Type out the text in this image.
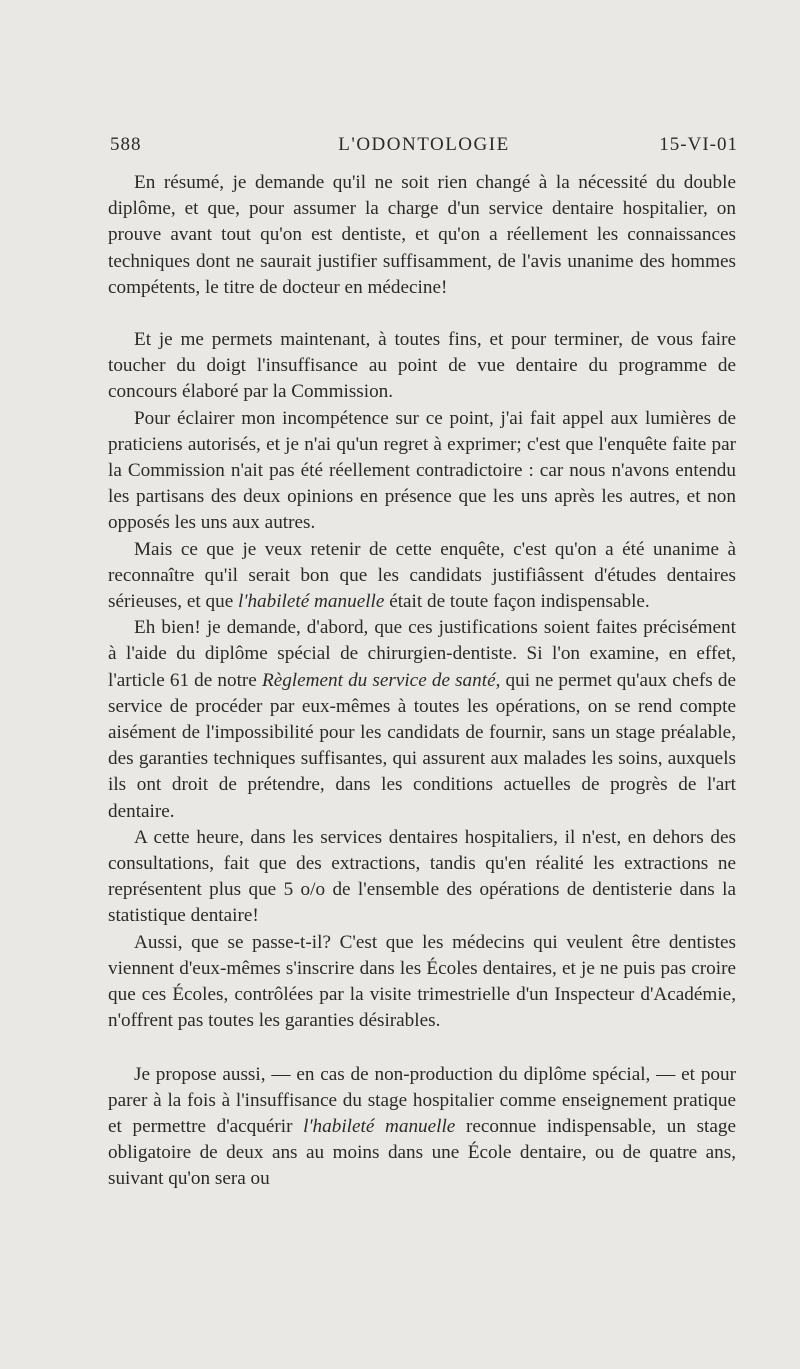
588	L'ODONTOLOGIE	15-VI-01

En résumé, je demande qu'il ne soit rien changé à la nécessité du double diplôme, et que, pour assumer la charge d'un service dentaire hospitalier, on prouve avant tout qu'on est dentiste, et qu'on a réellement les connaissances techniques dont ne saurait justifier suffisamment, de l'avis unanime des hommes compétents, le titre de docteur en médecine!

Et je me permets maintenant, à toutes fins, et pour terminer, de vous faire toucher du doigt l'insuffisance au point de vue dentaire du programme de concours élaboré par la Commission.

Pour éclairer mon incompétence sur ce point, j'ai fait appel aux lumières de praticiens autorisés, et je n'ai qu'un regret à exprimer; c'est que l'enquête faite par la Commission n'ait pas été réellement contradictoire : car nous n'avons entendu les partisans des deux opinions en présence que les uns après les autres, et non opposés les uns aux autres.

Mais ce que je veux retenir de cette enquête, c'est qu'on a été unanime à reconnaître qu'il serait bon que les candidats justifiâssent d'études dentaires sérieuses, et que l'habileté manuelle était de toute façon indispensable.

Eh bien! je demande, d'abord, que ces justifications soient faites précisément à l'aide du diplôme spécial de chirurgien-dentiste. Si l'on examine, en effet, l'article 61 de notre Règlement du service de santé, qui ne permet qu'aux chefs de service de procéder par eux-mêmes à toutes les opérations, on se rend compte aisément de l'impossibilité pour les candidats de fournir, sans un stage préalable, des garanties techniques suffisantes, qui assurent aux malades les soins, auxquels ils ont droit de prétendre, dans les conditions actuelles de progrès de l'art dentaire.

A cette heure, dans les services dentaires hospitaliers, il n'est, en dehors des consultations, fait que des extractions, tandis qu'en réalité les extractions ne représentent plus que 5 o/o de l'ensemble des opérations de dentisterie dans la statistique dentaire!

Aussi, que se passe-t-il? C'est que les médecins qui veulent être dentistes viennent d'eux-mêmes s'inscrire dans les Écoles dentaires, et je ne puis pas croire que ces Écoles, contrôlées par la visite trimestrielle d'un Inspecteur d'Académie, n'offrent pas toutes les garanties désirables.

Je propose aussi, — en cas de non-production du diplôme spécial, — et pour parer à la fois à l'insuffisance du stage hospitalier comme enseignement pratique et permettre d'acquérir l'habileté manuelle reconnue indispensable, un stage obligatoire de deux ans au moins dans une École dentaire, ou de quatre ans, suivant qu'on sera ou
